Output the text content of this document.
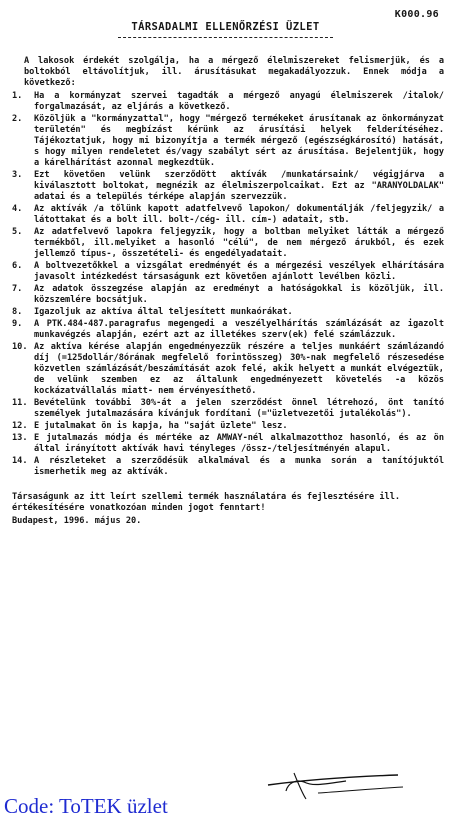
K000.96
TÁRSADALMI ELLENŐRZÉSI ÜZLET

A lakosok érdekét szolgálja, ha a mérgező élelmiszereket felismerjük, és a boltokból eltávolítjuk, ill. árusításukat megakadályozzuk. Ennek módja a következő:

1.	Ha a kormányzat szervei tagadták a mérgező anyagú élelmiszerek /italok/ forgalmazását, az eljárás a következő.
2.	Közöljük a "kormányzattal", hogy "mérgező termékeket árusítanak az önkormányzat területén" és megbízást kérünk az árusítási helyek felderítéséhez. Tájékoztatjuk, hogy mi bizonyítja a termék mérgező (egészségkárosító) hatását, s hogy milyen rendeletet és/vagy szabályt sért az árusítása. Bejelentjük, hogy a kárelhárítást azonnal megkezdtük.
3.	Ezt követően velünk szerződött aktívák /munkatársaink/ végigjárva a kiválasztott boltokat, megnézik az élelmiszerpolcaikat. Ezt az "ARANYOLDALAK" adatai és a település térképe alapján szervezzük.
4.	Az aktívák /a tőlünk kapott adatfelvevő lapokon/ dokumentálják /feljegyzik/ a látottakat és a bolt ill. bolt-/cég- ill. cím-) adatait, stb.
5.	Az adatfelvevő lapokra feljegyzik, hogy a boltban melyiket látták a mérgező termékből, ill.melyiket a hasonló "célú", de nem mérgező árukból, és ezek jellemző típus-, összetételi- és engedélyadatait.
6.	A boltvezetőkkel a vizsgálat eredményét és a mérgezési veszélyek elhárítására javasolt intézkedést társaságunk ezt követően ajánlott levélben közli.
7.	Az adatok összegzése alapján az eredményt a hatóságokkal is közöljük, ill. közszemlére bocsátjuk.
8.	Igazoljuk az aktíva által teljesített munkaórákat.
9.	A PTK.484-487.paragrafus megengedi a veszélyelhárítás számlázását az igazolt munkavégzés alapján, ezért azt az illetékes szerv(ek) felé számlázzuk.
10. Az aktíva kérése alapján engedményezzük részére a teljes munkáért számlázandó díj (=125dollár/8órának megfelelő forintösszeg) 30%-nak megfelelő részesedése közvetlen számlázását/beszámítását azok felé, akik helyett a munkát elvégeztük, de velünk szemben ez az általunk engedményezett követelés -a közös kockázatvállalás miatt- nem érvényesíthető.
11. Bevételünk további 30%-át a jelen szerződést önnel létrehozó, önt tanító személyek jutalmazására kívánjuk fordítani (="üzletvezetői jutalékolás").
12. E jutalmakat ön is kapja, ha "saját üzlete" lesz.
13. E jutalmazás módja és mértéke az AMWAY-nél alkalmazotthoz hasonló, és az ön által irányított aktívák havi tényleges /össz-/teljesítményén alapul.
14. A részleteket a szerződésük alkalmával és a munka során a tanítójuktól ismerhetik meg az aktívák.

Társaságunk az itt leírt szellemi termék használatára és fejlesztésére ill. értékesítésére vonatkozóan minden jogot fenntart!

Budapest, 1996. május 20.

Code: ToTEK üzlet
